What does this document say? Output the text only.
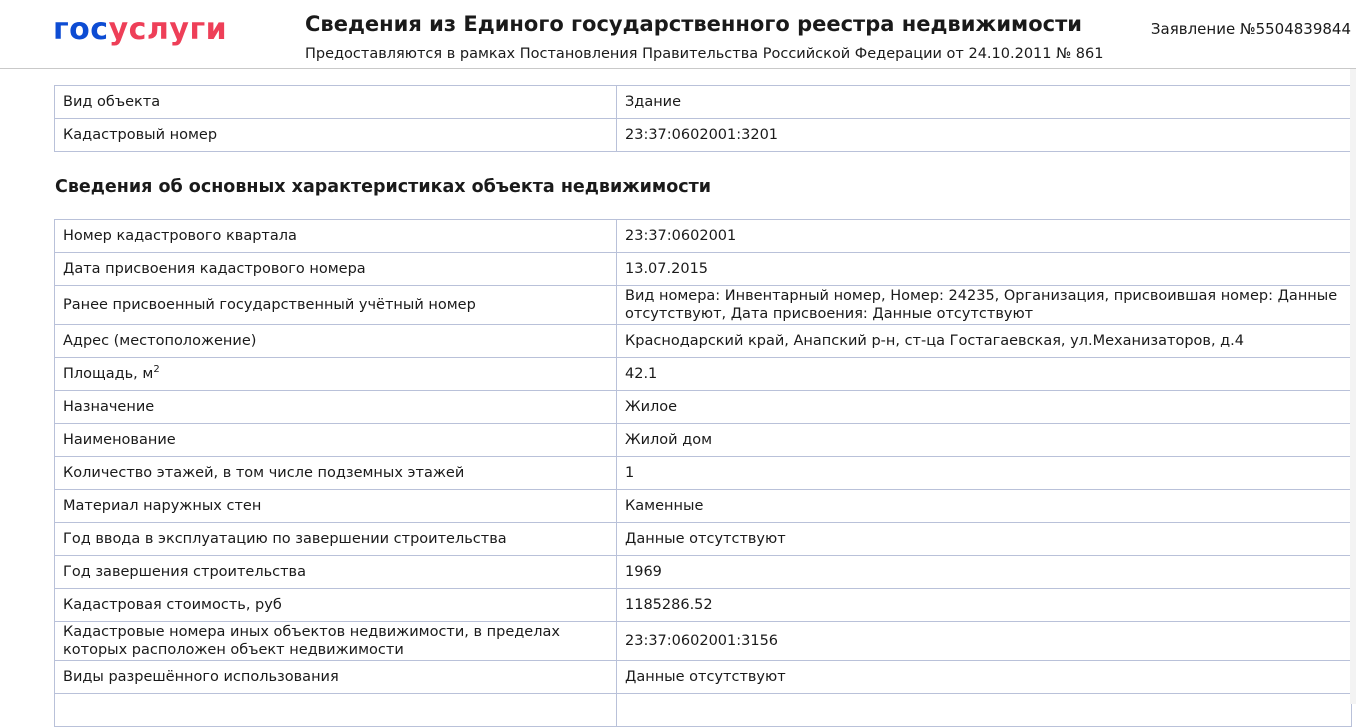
госуслуги	Сведения из Единого государственного реестра недвижимости
Предоставляются в рамках Постановления Правительства Российской Федерации от 24.10.2011 № 861
Заявление №5504839844
Вид объекта	Здание
Кадастровый номер	23:37:0602001:3201
Сведения об основных характеристиках объекта недвижимости
Номер кадастрового квартала	23:37:0602001
Дата присвоения кадастрового номера	13.07.2015
Ранее присвоенный государственный учётный номер	Вид номера: Инвентарный номер, Номер: 24235, Организация, присвоившая номер: Данные отсутствуют, Дата присвоения: Данные отсутствуют
Адрес (местоположение)	Краснодарский край, Анапский р-н, ст-ца Гостагаевская, ул.Механизаторов, д.4
Площадь, $м^2$	42.1
Назначение	Жилое
Наименование	Жилой дом
Количество этажей, в том числе подземных этажей	1
Материал наружных стен	Каменные
Год ввода в эксплуатацию по завершении строительства	Данные отсутствуют
Год завершения строительства	1969
Кадастровая стоимость, руб	1185286.52
Кадастровые номера иных объектов недвижимости, в пределах которых расположен объект недвижимости	23:37:0602001:3156
Виды разрешённого использования	Данные отсутствуют
